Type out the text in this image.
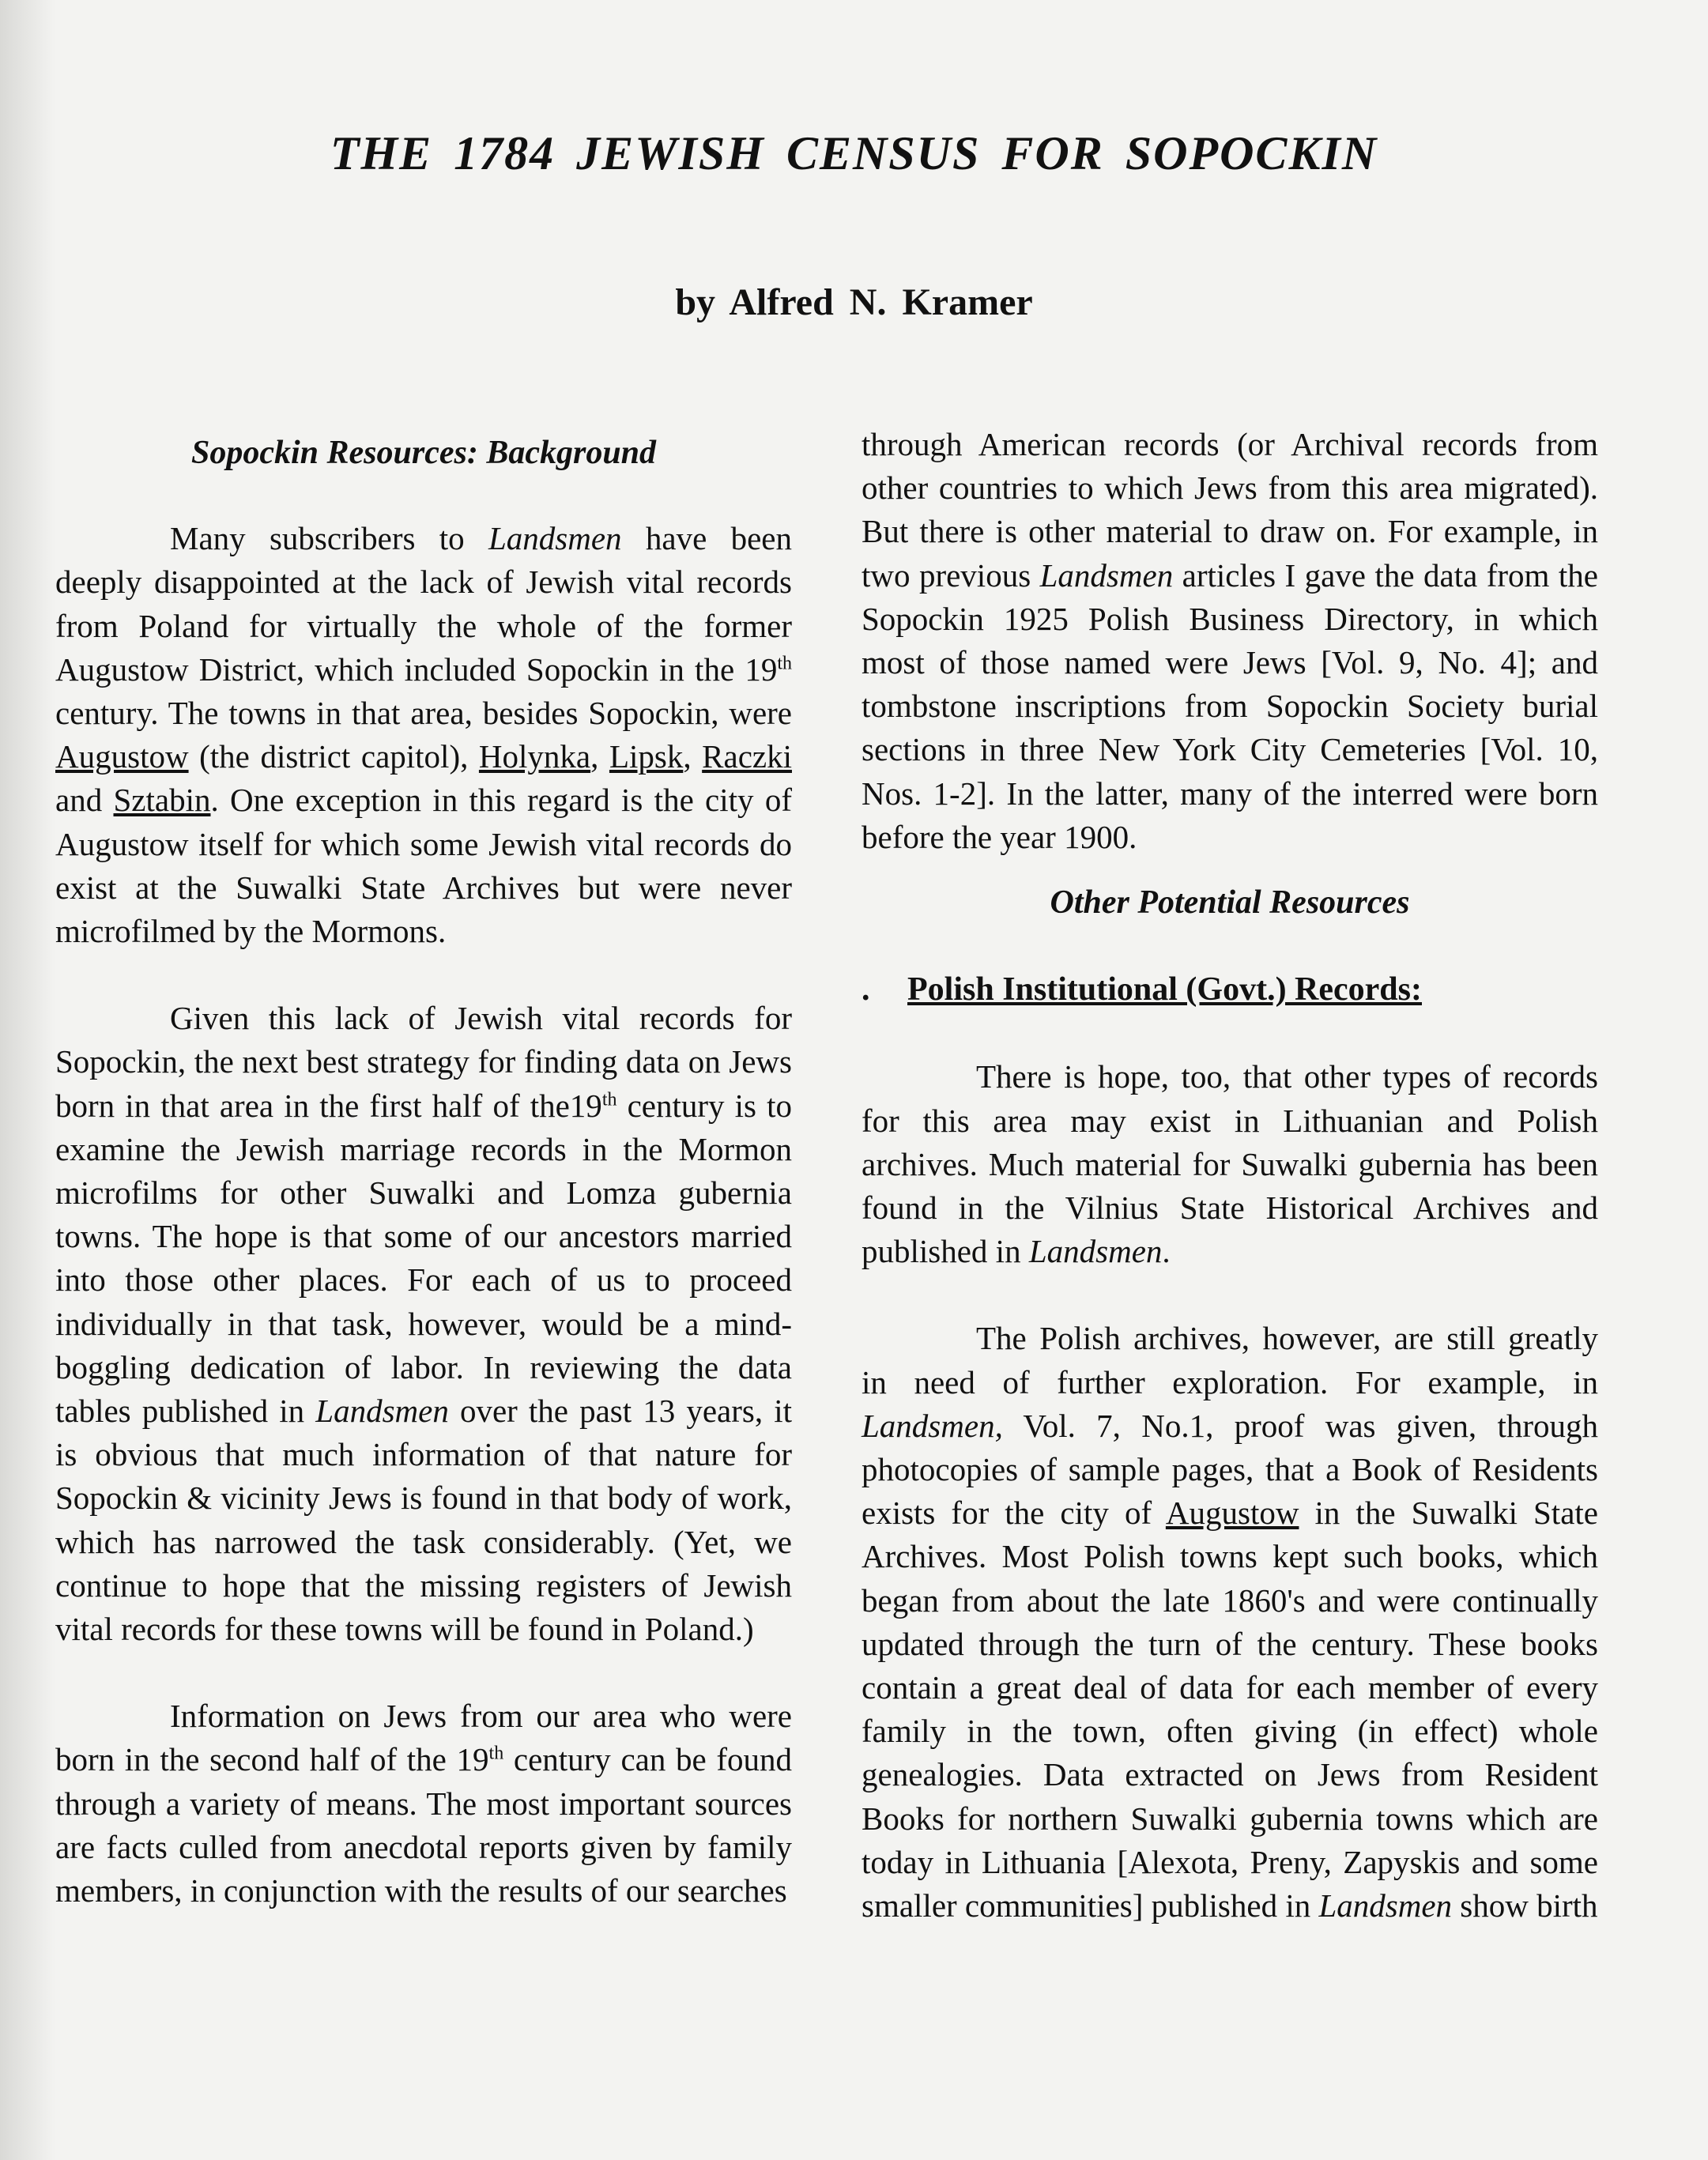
THE 1784 JEWISH CENSUS FOR SOPOCKIN
by Alfred N. Kramer
Sopockin Resources: Background

Many subscribers to Landsmen have been deeply disappointed at the lack of Jewish vital records from Poland for virtually the whole of the former Augustow District, which included Sopockin in the 19th century. The towns in that area, besides Sopockin, were Augustow (the district capitol), Holynka, Lipsk, Raczki and Sztabin. One exception in this regard is the city of Augustow itself for which some Jewish vital records do exist at the Suwalki State Archives but were never microfilmed by the Mormons.

Given this lack of Jewish vital records for Sopockin, the next best strategy for finding data on Jews born in that area in the first half of the19th century is to examine the Jewish marriage records in the Mormon microfilms for other Suwalki and Lomza gubernia towns. The hope is that some of our ancestors married into those other places. For each of us to proceed individually in that task, however, would be a mind-boggling dedication of labor. In reviewing the data tables published in Landsmen over the past 13 years, it is obvious that much information of that nature for Sopockin & vicinity Jews is found in that body of work, which has narrowed the task considerably. (Yet, we continue to hope that the missing registers of Jewish vital records for these towns will be found in Poland.)

Information on Jews from our area who were born in the second half of the 19th century can be found through a variety of means. The most important sources are facts culled from anecdotal reports given by family members, in conjunction with the results of our searches

through American records (or Archival records from other countries to which Jews from this area migrated). But there is other material to draw on. For example, in two previous Landsmen articles I gave the data from the Sopockin 1925 Polish Business Directory, in which most of those named were Jews [Vol. 9, No. 4]; and tombstone inscriptions from Sopockin Society burial sections in three New York City Cemeteries [Vol. 10, Nos. 1-2]. In the latter, many of the interred were born before the year 1900.

Other Potential Resources
. Polish Institutional (Govt.) Records:

There is hope, too, that other types of records for this area may exist in Lithuanian and Polish archives. Much material for Suwalki gubernia has been found in the Vilnius State Historical Archives and published in Landsmen.

The Polish archives, however, are still greatly in need of further exploration. For example, in Landsmen, Vol. 7, No.1, proof was given, through photocopies of sample pages, that a Book of Residents exists for the city of Augustow in the Suwalki State Archives. Most Polish towns kept such books, which began from about the late 1860's and were continually updated through the turn of the century. These books contain a great deal of data for each member of every family in the town, often giving (in effect) whole genealogies. Data extracted on Jews from Resident Books for northern Suwalki gubernia towns which are today in Lithuania [Alexota, Preny, Zapyskis and some smaller communities] published in Landsmen show birth
